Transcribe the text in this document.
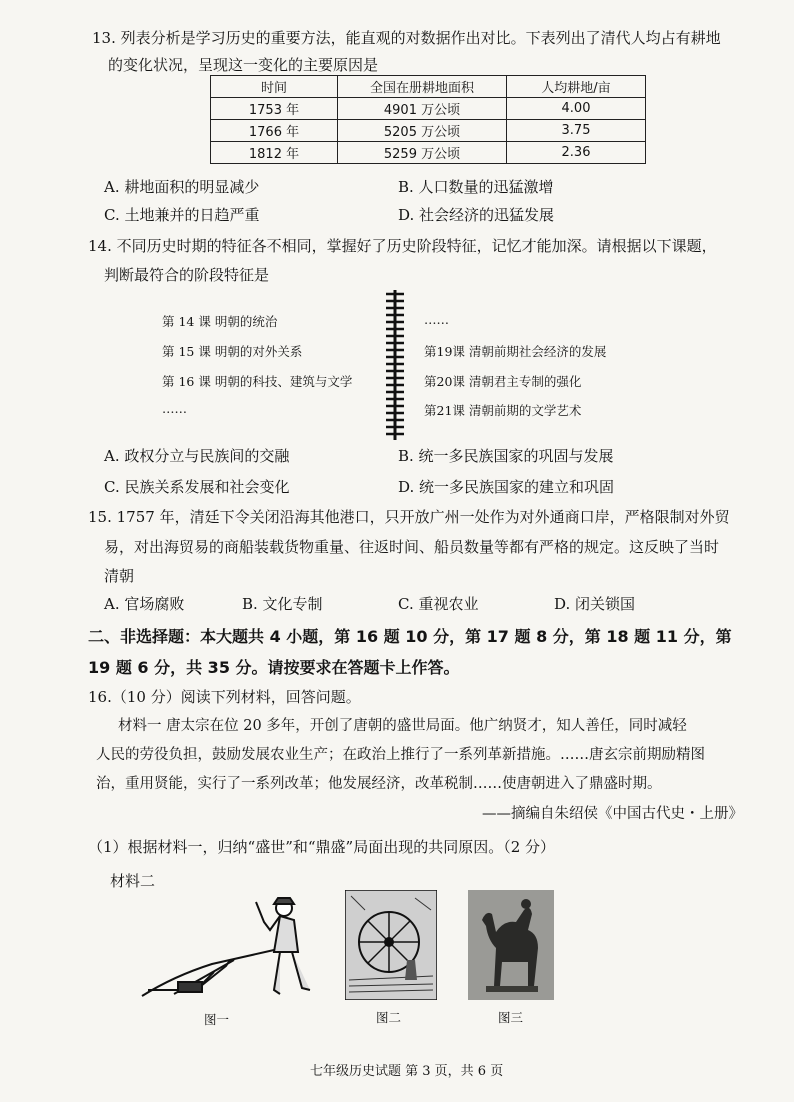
13. 列表分析是学习历史的重要方法，能直观的对数据作出对比。下表列出了清代人均占有耕地
的变化状况，呈现这一变化的主要原因是
时间	全国在册耕地面积	人均耕地/亩
1753 年	4901 万公顷	4.00
1766 年	5205 万公顷	3.75
1812 年	5259 万公顷	2.36
A. 耕地面积的明显减少	B. 人口数量的迅猛激增
C. 土地兼并的日趋严重	D. 社会经济的迅猛发展
14. 不同历史时期的特征各不相同，掌握好了历史阶段特征，记忆才能加深。请根据以下课题，
判断最符合的阶段特征是
第 14 课 明朝的统治
第 15 课 明朝的对外关系
第 16 课 明朝的科技、建筑与文学
……
……
第19课 清朝前期社会经济的发展
第20课 清朝君主专制的强化
第21课 清朝前期的文学艺术
A. 政权分立与民族间的交融	B. 统一多民族国家的巩固与发展
C. 民族关系发展和社会变化	D. 统一多民族国家的建立和巩固
15. 1757 年，清廷下令关闭沿海其他港口，只开放广州一处作为对外通商口岸，严格限制对外贸
易，对出海贸易的商船装载货物重量、往返时间、船员数量等都有严格的规定。这反映了当时
清朝
A. 官场腐败	B. 文化专制	C. 重视农业	D. 闭关锁国
二、非选择题：本大题共 4 小题，第 16 题 10 分，第 17 题 8 分，第 18 题 11 分，第
19 题 6 分，共 35 分。请按要求在答题卡上作答。
16.（10 分）阅读下列材料，回答问题。
材料一 唐太宗在位 20 多年，开创了唐朝的盛世局面。他广纳贤才，知人善任，同时减轻
人民的劳役负担，鼓励发展农业生产；在政治上推行了一系列革新措施。……唐玄宗前期励精图
治，重用贤能，实行了一系列改革；他发展经济，改革税制……使唐朝进入了鼎盛时期。
——摘编自朱绍侯《中国古代史・上册》
（1）根据材料一，归纳“盛世”和“鼎盛”局面出现的共同原因。（2 分）
材料二
图一	图二	图三
七年级历史试题 第 3 页，共 6 页
